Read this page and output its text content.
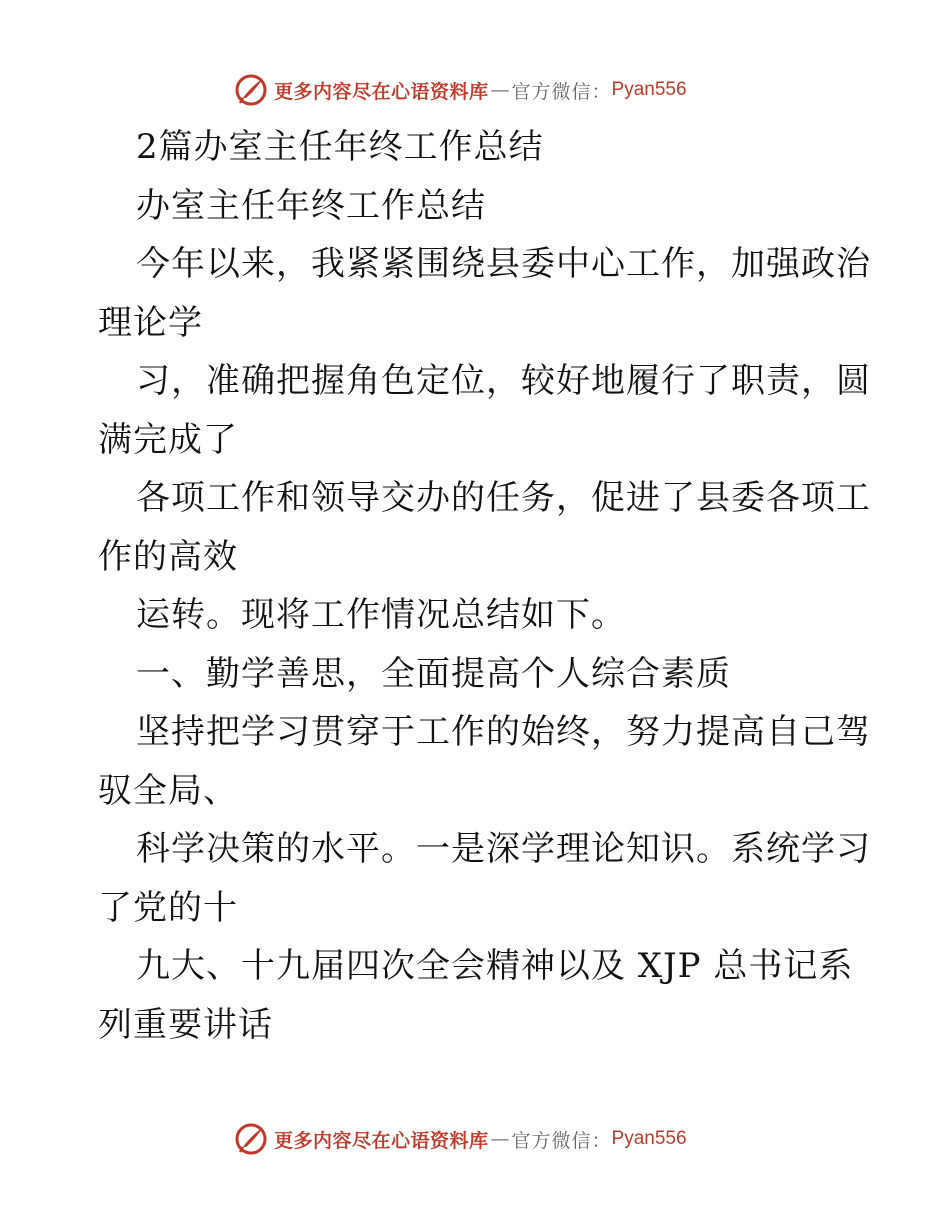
更多内容尽在心语资料库 — 官方微信： Pyan556
2篇办室主任年终工作总结
办室主任年终工作总结
今年以来，我紧紧围绕县委中心工作，加强政治
理论学
习，准确把握角色定位，较好地履行了职责，圆
满完成了
各项工作和领导交办的任务，促进了县委各项工
作的高效
运转。现将工作情况总结如下。
一、勤学善思，全面提高个人综合素质
坚持把学习贯穿于工作的始终，努力提高自己驾
驭全局、
科学决策的水平。一是深学理论知识。系统学习
了党的十
九大、十九届四次全会精神以及 XJP 总书记系
列重要讲话
更多内容尽在心语资料库 — 官方微信： Pyan556
